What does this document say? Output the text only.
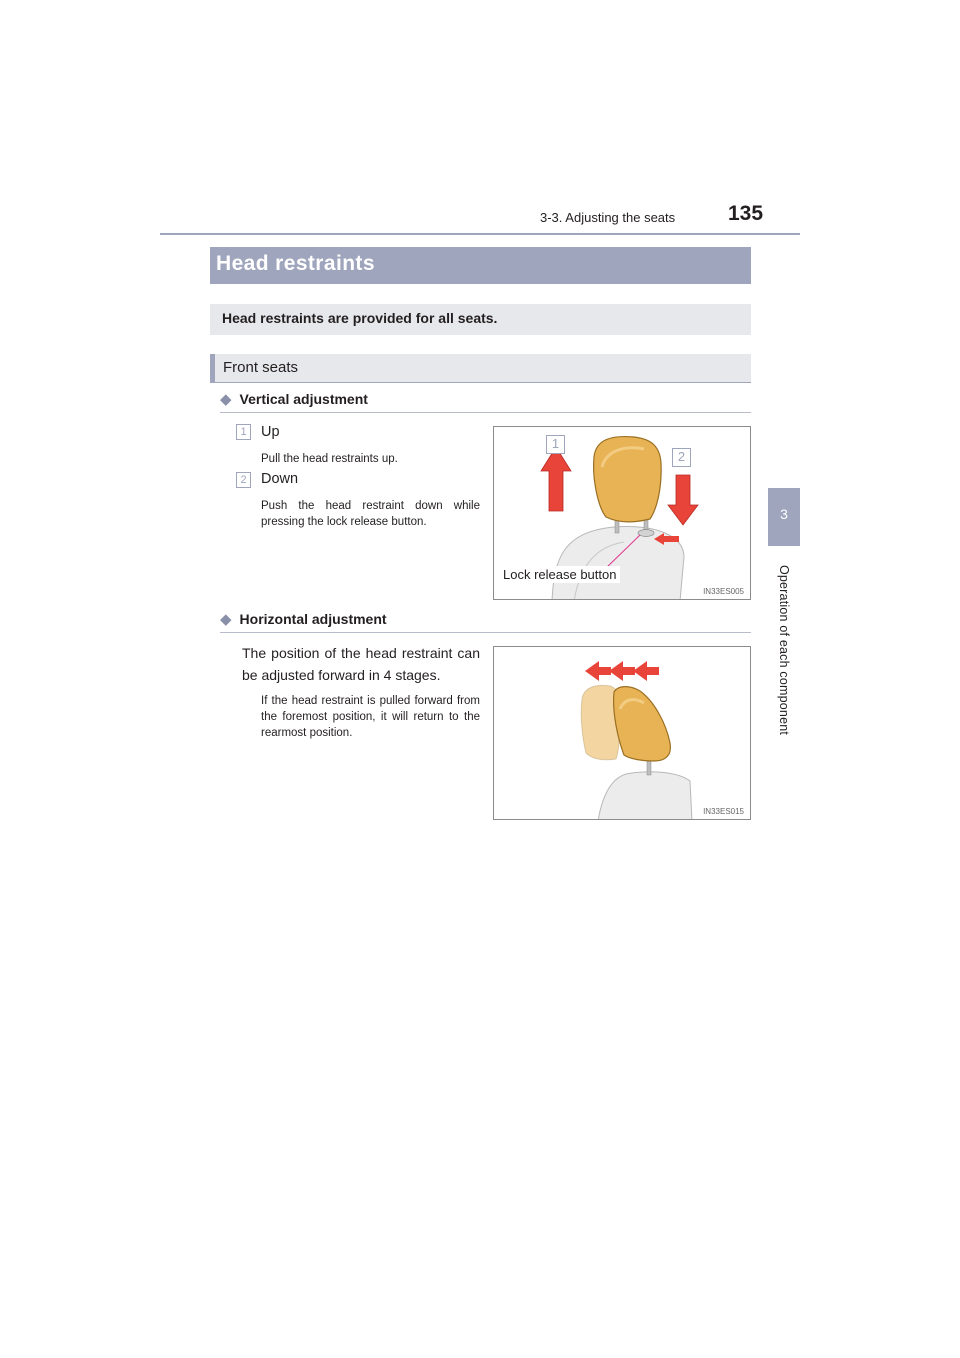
3-3. Adjusting the seats	135
3
Operation of each component
Head restraints

Head restraints are provided for all seats.

Front seats
◆ Vertical adjustment
1 Up
Pull the head restraints up.
2 Down
Push the head restraint down while pressing the lock release button.
1
2
Lock release button
IN33ES005
◆ Horizontal adjustment
The position of the head restraint can be adjusted forward in 4 stages.
If the head restraint is pulled forward from the foremost position, it will return to the rearmost position.
IN33ES015
